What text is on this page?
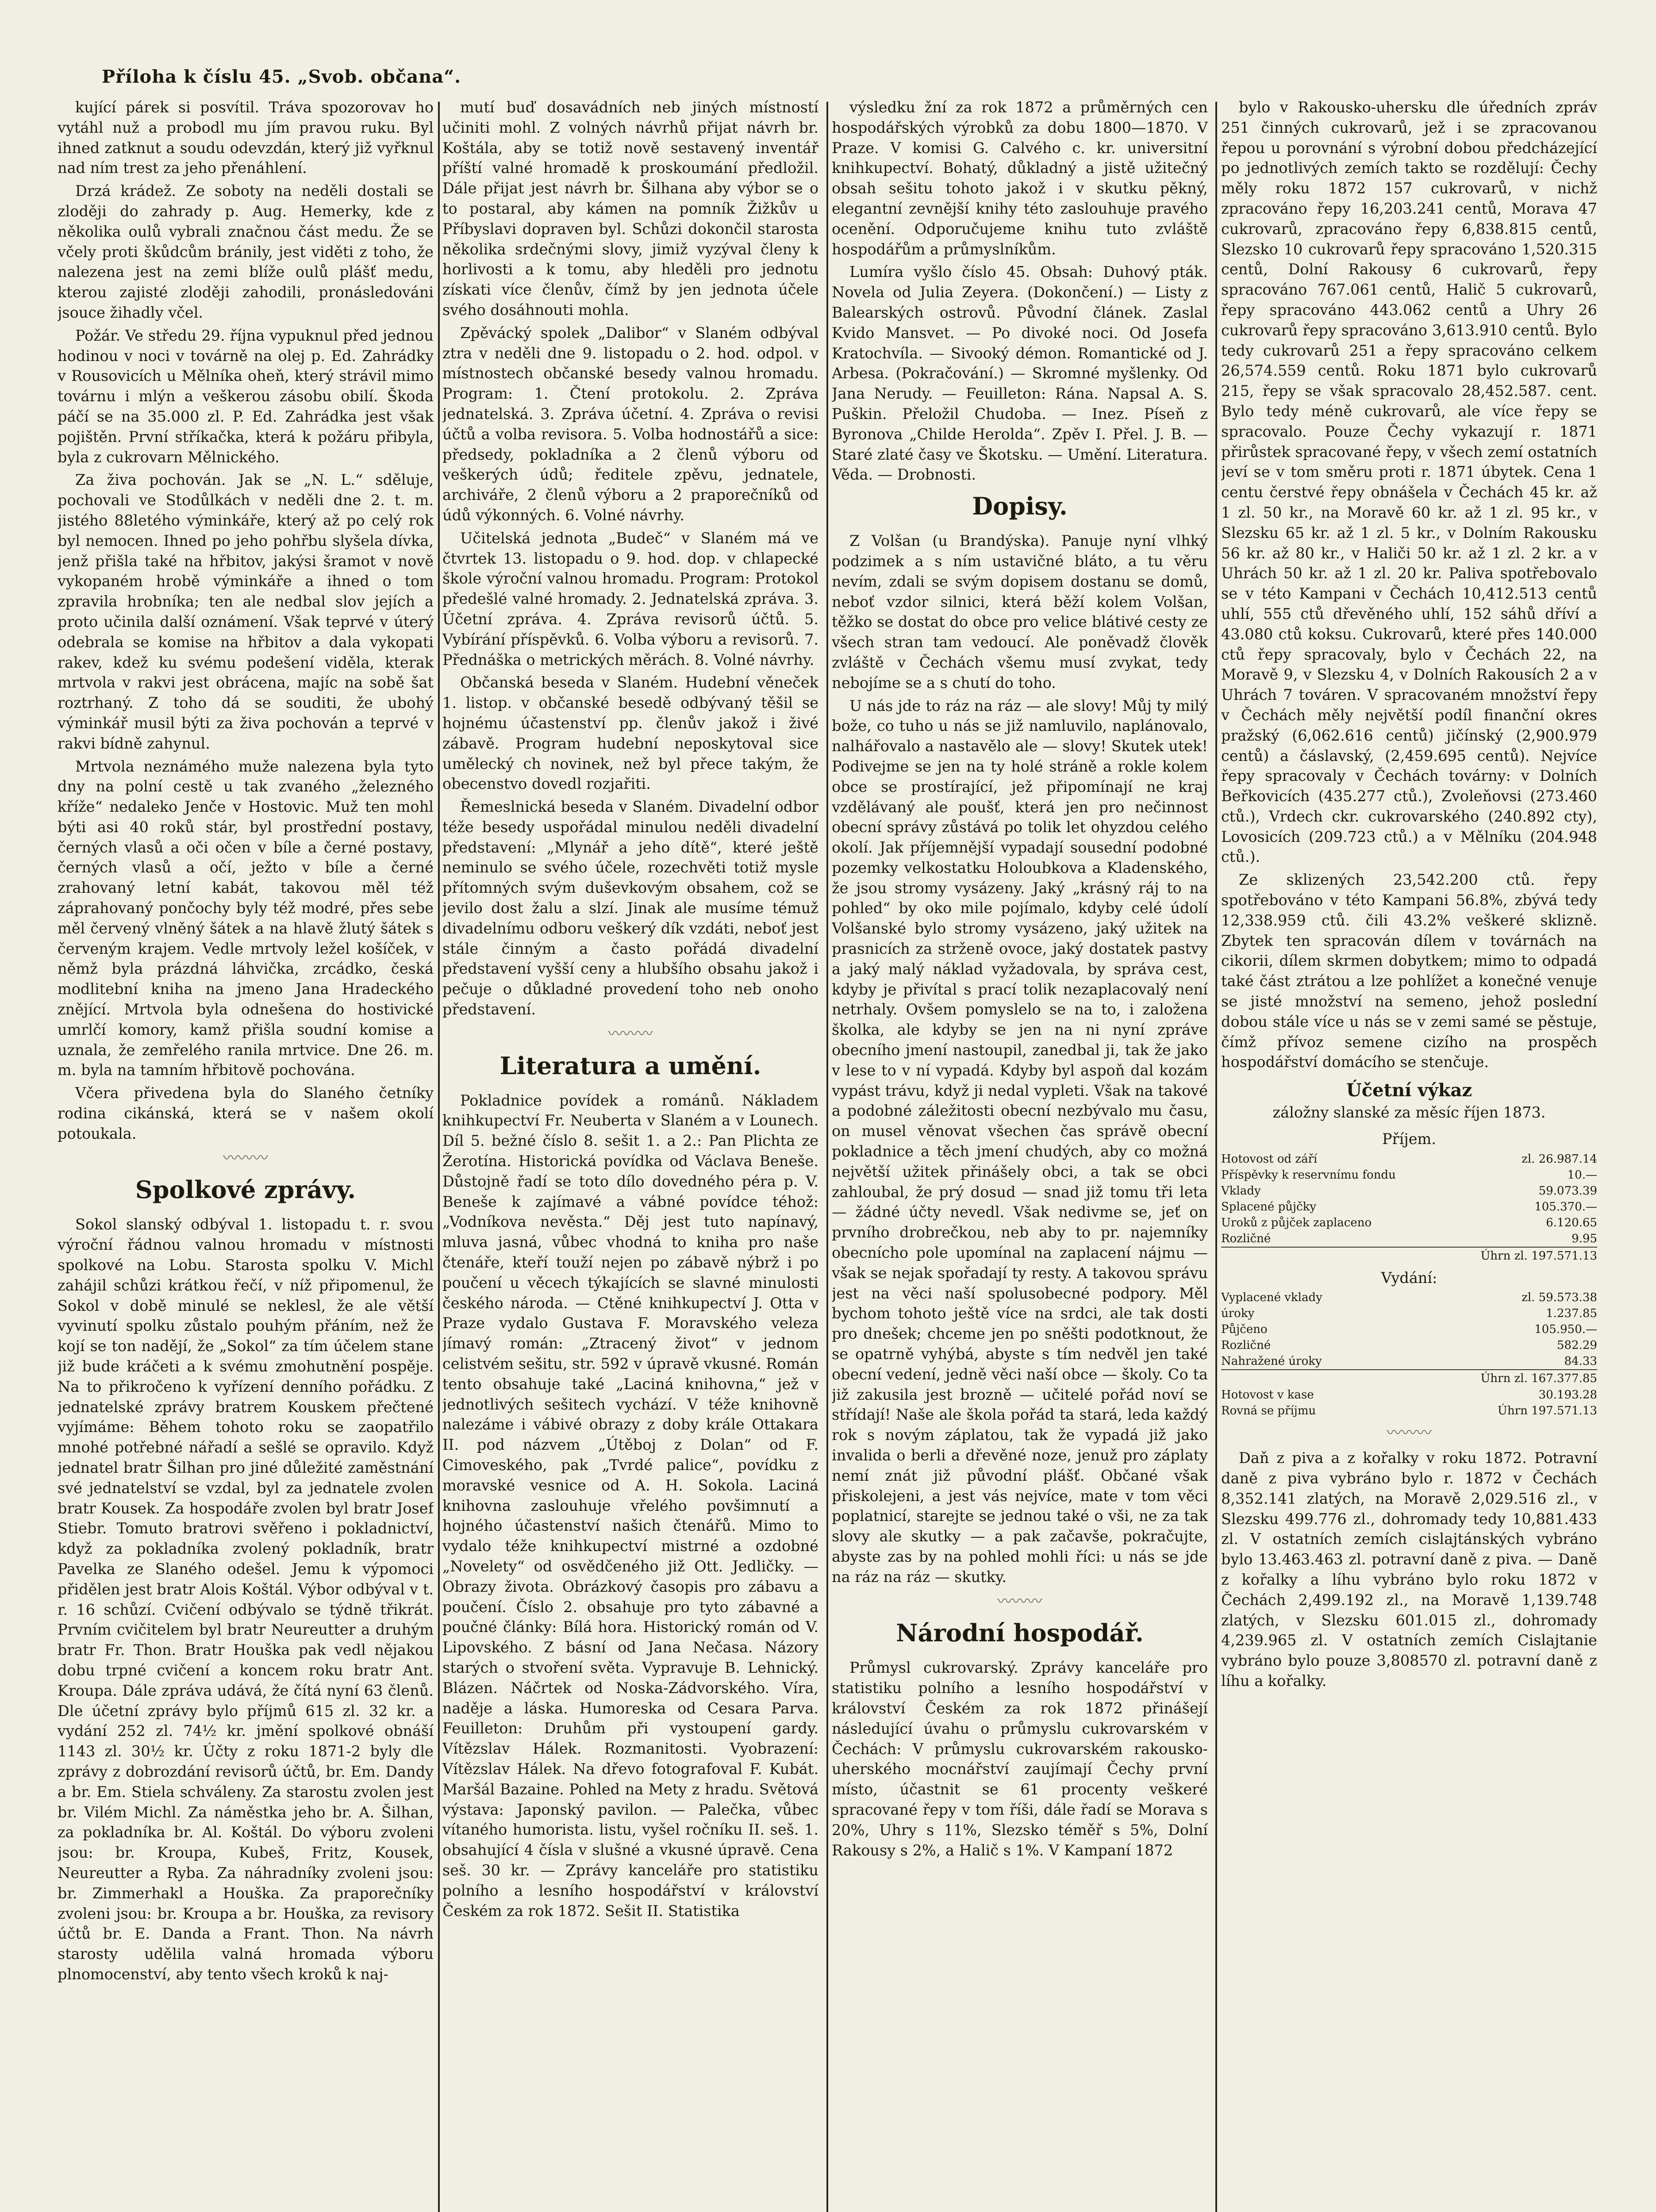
Příloha k číslu 45. „Svob. občana“.

kující párek si posvítil. Tráva spozorovav ho vytáhl nuž a probodl mu jím pravou ruku. Byl ihned zatknut a soudu odevzdán, který již vyřknul nad ním trest za jeho přenáhlení.

Drzá krádež. Ze soboty na neděli dostali se zloději do zahrady p. Aug. Hemerky, kde z několika oulů vybrali značnou část medu. Že se včely proti škůdcům bránily, jest viděti z toho, že nalezena jest na zemi blíže oulů plášť medu, kterou zajisté zloději zahodili, pronásledováni jsouce žihadly včel.

Požár. Ve středu 29. října vypuknul před jednou hodinou v noci v továrně na olej p. Ed. Zahrádky v Rousovicích u Mělníka oheň, který strávil mimo továrnu i mlýn a veškerou zásobu obilí. Škoda páčí se na 35.000 zl. P. Ed. Zahrádka jest však pojištěn. První stříkačka, která k požáru přibyla, byla z cukrovarn Mělnického.

Za živa pochován. Jak se „N. L.“ sděluje, pochovali ve Stodůlkách v neděli dne 2. t. m. jistého 88letého výminkáře, který až po celý rok byl nemocen. Ihned po jeho pohřbu slyšela dívka, jenž přišla také na hřbitov, jakýsi šramot v nově vykopaném hrobě výminkáře a ihned o tom zpravila hrobníka; ten ale nedbal slov jejích a proto učinila další oznámení. Však teprvé v úterý odebrala se komise na hřbitov a dala vykopati rakev, kdež ku svému podešení viděla, kterak mrtvola v rakvi jest obrácena, majíc na sobě šat roztrhaný. Z toho dá se souditi, že ubohý výminkář musil býti za živa pochován a teprvé v rakvi bídně zahynul.

Mrtvola neznámého muže nalezena byla tyto dny na polní cestě u tak zvaného „železného kříže“ nedaleko Jenče v Hostovic. Muž ten mohl býti asi 40 roků stár, byl prostřední postavy, černých vlasů a oči očen v bíle a černé postavy, černých vlasů a očí, ježto v bíle a černé zrahovaný letní kabát, takovou měl též záprahovaný pončochy byly též modré, přes sebe měl červený vlněný šátek a na hlavě žlutý šátek s červeným krajem. Vedle mrtvoly ležel košíček, v němž byla prázdná láhvička, zrcádko, česká modlitební kniha na jmeno Jana Hradeckého znějící. Mrtvola byla odnešena do hostivické umrlčí komory, kamž přišla soudní komise a uznala, že zemřelého ranila mrtvice. Dne 26. m. m. byla na tamním hřbitově pochována.

Včera přivedena byla do Slaného četníky rodina cikánská, která se v našem okolí potoukala.

〰〰〰
Spolkové zprávy.

Sokol slanský odbýval 1. listopadu t. r. svou výroční řádnou valnou hromadu v místnosti spolkové na Lobu. Starosta spolku V. Michl zahájil schůzi krátkou řečí, v níž připomenul, že Sokol v době minulé se neklesl, že ale větší vyvinutí spolku zůstalo pouhým přáním, než že kojí se ton nadějí, že „Sokol“ za tím účelem stane již bude kráčeti a k svému zmohutnění pospěje. Na to přikročeno k vyřízení denního pořádku. Z jednatelské zprávy bratrem Kouskem přečtené vyjímáme: Během tohoto roku se zaopatřilo mnohé potřebné nářadí a sešlé se opravilo. Když jednatel bratr Šilhan pro jiné důležité zaměstnání své jednatelství se vzdal, byl za jednatele zvolen bratr Kousek. Za hospodáře zvolen byl bratr Josef Stiebr. Tomuto bratrovi svěřeno i pokladnictví, když za pokladníka zvolený pokladník, bratr Pavelka ze Slaného odešel. Jemu k výpomoci přidělen jest bratr Alois Koštál. Výbor odbýval v t. r. 16 schůzí. Cvičení odbývalo se týdně třikrát. Prvním cvičitelem byl bratr Neureutter a druhým bratr Fr. Thon. Bratr Houška pak vedl nějakou dobu trpné cvičení a koncem roku bratr Ant. Kroupa. Dále zpráva udává, že čítá nyní 63 členů. Dle účetní zprávy bylo příjmů 615 zl. 32 kr. a vydání 252 zl. 74½ kr. jmění spolkové obnáší 1143 zl. 30½ kr. Účty z roku 1871-2 byly dle zprávy z dobrozdání revisorů účtů, br. Em. Dandy a br. Em. Stiela schváleny. Za starostu zvolen jest br. Vilém Michl. Za náměstka jeho br. A. Šilhan, za pokladníka br. Al. Koštál. Do výboru zvoleni jsou: br. Kroupa, Kubeš, Fritz, Kousek, Neureutter a Ryba. Za náhradníky zvoleni jsou: br. Zimmerhakl a Houška. Za praporečníky zvoleni jsou: br. Kroupa a br. Houška, za revisory účtů br. E. Danda a Frant. Thon. Na návrh starosty udělila valná hromada výboru plnomocenství, aby tento všech kroků k naj-

mutí buď dosavádních neb jiných místností učiniti mohl. Z volných návrhů přijat návrh br. Koštála, aby se totiž nově sestavený inventář příští valné hromadě k proskoumání předložil. Dále přijat jest návrh br. Šilhana aby výbor se o to postaral, aby kámen na pomník Žižkův u Příbyslavi dopraven byl. Schůzi dokončil starosta několika srdečnými slovy, jimiž vyzýval členy k horlivosti a k tomu, aby hleděli pro jednotu získati více členův, čímž by jen jednota účele svého dosáhnouti mohla.

Zpěvácký spolek „Dalibor“ v Slaném odbýval ztra v neděli dne 9. listopadu o 2. hod. odpol. v místnostech občanské besedy valnou hromadu. Program: 1. Čtení protokolu. 2. Zpráva jednatelská. 3. Zpráva účetní. 4. Zpráva o revisi účtů a volba revisora. 5. Volba hodnostářů a sice: předsedy, pokladníka a 2 členů výboru od veškerých údů; ředitele zpěvu, jednatele, archiváře, 2 členů výboru a 2 praporečníků od údů výkonných. 6. Volné návrhy.

Učitelská jednota „Budeč“ v Slaném má ve čtvrtek 13. listopadu o 9. hod. dop. v chlapecké škole výroční valnou hromadu. Program: Protokol předešlé valné hromady. 2. Jednatelská zpráva. 3. Účetní zpráva. 4. Zpráva revisorů účtů. 5. Vybírání příspěvků. 6. Volba výboru a revisorů. 7. Přednáška o metrických měrách. 8. Volné návrhy.

Občanská beseda v Slaném. Hudební věneček 1. listop. v občanské besedě odbývaný těšil se hojnému účastenství pp. členův jakož i živé zábavě. Program hudební neposkytoval sice umělecký ch novinek, než byl přece takým, že obecenstvo dovedl rozjařiti.

Řemeslnická beseda v Slaném. Divadelní odbor téže besedy uspořádal minulou neděli divadelní představení: „Mlynář a jeho dítě“, které ještě neminulo se svého účele, rozechvěti totiž mysle přítomných svým duševkovým obsahem, což se jevilo dost žalu a slzí. Jinak ale musíme témuž divadelnímu odboru veškerý dík vzdáti, neboť jest stále činným a často pořádá divadelní představení vyšší ceny a hlubšího obsahu jakož i pečuje o důkladné provedení toho neb onoho představení.

〰〰〰
Literatura a umění.

Pokladnice povídek a románů. Nákladem knihkupectví Fr. Neuberta v Slaném a v Lounech. Díl 5. bežné číslo 8. sešit 1. a 2.: Pan Plichta ze Žerotína. Historická povídka od Václava Beneše. Důstojně řadí se toto dílo dovedného péra p. V. Beneše k zajímavé a vábné povídce téhož: „Vodníkova nevěsta.“ Děj jest tuto napínavý, mluva jasná, vůbec vhodná to kniha pro naše čtenáře, kteří touží nejen po zábavě nýbrž i po poučení u věcech týkajících se slavné minulosti českého národa. — Ctěné knihkupectví J. Otta v Praze vydalo Gustava F. Moravského veleza jímavý román: „Ztracený život“ v jednom celistvém sešitu, str. 592 v úpravě vkusné. Román tento obsahuje také „Laciná knihovna,“ jež v jednotlivých sešitech vychází. V téže knihovně nalezáme i vábivé obrazy z doby krále Ottakara II. pod názvem „Útěboj z Dolan“ od F. Cimoveského, pak „Tvrdé palice“, povídku z moravské vesnice od A. H. Sokola. Laciná knihovna zaslouhuje vřelého povšimnutí a hojného účastenství našich čtenářů. Mimo to vydalo téže knihkupectví mistrné a ozdobné „Novelety“ od osvědčeného již Ott. Jedličky. — Obrazy života. Obrázkový časopis pro zábavu a poučení. Číslo 2. obsahuje pro tyto zábavné a poučné články: Bílá hora. Historický román od V. Lipovského. Z básní od Jana Nečasa. Názory starých o stvoření světa. Vypravuje B. Lehnický. Blázen. Náčrtek od Noska-Zádvorského. Víra, naděje a láska. Humoreska od Cesara Parva. Feuilleton: Druhům při vystoupení gardy. Vítězslav Hálek. Rozmanitosti. Vyobrazení: Vítězslav Hálek. Na dřevo fotografoval F. Kubát. Maršál Bazaine. Pohled na Mety z hradu. Světová výstava: Japonský pavilon. — Palečka, vůbec vítaného humorista. listu, vyšel ročníku II. seš. 1. obsahující 4 čísla v slušné a vkusné úpravě. Cena seš. 30 kr. — Zprávy kanceláře pro statistiku polního a lesního hospodářství v království Českém za rok 1872. Sešit II. Statistika

výsledku žní za rok 1872 a průměrných cen hospodářských výrobků za dobu 1800—1870. V Praze. V komisi G. Calvého c. kr. universitní knihkupectví. Bohatý, důkladný a jistě užitečný obsah sešitu tohoto jakož i v skutku pěkný, elegantní zevnější knihy této zaslouhuje pravého ocenění. Odporučujeme knihu tuto zvláště hospodářům a průmyslníkům.

Lumíra vyšlo číslo 45. Obsah: Duhový pták. Novela od Julia Zeyera. (Dokončení.) — Listy z Balearských ostrovů. Původní článek. Zaslal Kvido Mansvet. — Po divoké noci. Od Josefa Kratochvíla. — Sivooký démon. Romantické od J. Arbesa. (Pokračování.) — Skromné myšlenky. Od Jana Nerudy. — Feuilleton: Rána. Napsal A. S. Puškin. Přeložil Chudoba. — Inez. Píseň z Byronova „Childe Herolda“. Zpěv I. Přel. J. B. — Staré zlaté časy ve Škotsku. — Umění. Literatura. Věda. — Drobnosti.

Dopisy.

Z Volšan (u Brandýska). Panuje nyní vlhký podzimek a s ním ustavičné bláto, a tu věru nevím, zdali se svým dopisem dostanu se domů, neboť vzdor silnici, která běží kolem Volšan, těžko se dostat do obce pro velice blátivé cesty ze všech stran tam vedoucí. Ale poněvadž člověk zvláště v Čechách všemu musí zvykat, tedy nebojíme se a s chutí do toho.

U nás jde to ráz na ráz — ale slovy! Můj ty milý bože, co tuho u nás se již namluvilo, naplánovalo, nalhářovalo a nastavělo ale — slovy! Skutek utek! Podivejme se jen na ty holé stráně a rokle kolem obce se prostírající, jež připomínají ne kraj vzdělávaný ale poušť, která jen pro nečinnost obecní správy zůstává po tolik let ohyzdou celého okolí. Jak příjemnější vypadají sousední podobné pozemky velkostatku Holoubkova a Kladenského, že jsou stromy vysázeny. Jaký „krásný ráj to na pohled“ by oko mile pojímalo, kdyby celé údolí Volšanské bylo stromy vysázeno, jaký užitek na prasnicích za strženě ovoce, jaký dostatek pastvy a jaký malý náklad vyžadovala, by správa cest, kdyby je přivítal s prací tolik nezaplacovalý není netrhaly. Ovšem pomyslelo se na to, i založena školka, ale kdyby se jen na ni nyní zpráve obecního jmení nastoupil, zanedbal ji, tak že jako v lese to v ní vypadá. Kdyby byl aspoň dal kozám vypást trávu, když ji nedal vypleti. Však na takové a podobné záležitosti obecní nezbývalo mu času, on musel věnovat všechen čas správě obecní pokladnice a těch jmení chudých, aby co možná největší užitek přinášely obci, a tak se obci zahloubal, že prý dosud — snad již tomu tři leta — žádné účty nevedl. Však nedivme se, jeť on prvního drobrečkou, neb aby to pr. najemníky obecnícho pole upomínal na zaplacení nájmu — však se nejak spořadají ty resty. A takovou správu jest na věci naší spolusobecné podpory. Měl bychom tohoto ještě více na srdci, ale tak dosti pro dnešek; chceme jen po sněšti podotknout, že se opatrně vyhýbá, abyste s tím nedvěl jen také obecní vedení, jedně věci naší obce — školy. Co ta již zakusila jest brozně — učitelé pořád noví se střídají! Naše ale škola pořád ta stará, leda každý rok s novým záplatou, tak že vypadá již jako invalida o berli a dřevěné noze, jenuž pro záplaty nemí znát již původní plášť. Občané však přiskolejeni, a jest vás nejvíce, mate v tom věci poplatnicí, starejte se jednou také o vši, ne za tak slovy ale skutky — a pak začavše, pokračujte, abyste zas by na pohled mohli říci: u nás se jde na ráz na ráz — skutky.

〰〰〰
Národní hospodář.

Průmysl cukrovarský. Zprávy kanceláře pro statistiku polního a lesního hospodářství v království Českém za rok 1872 přinášejí následující úvahu o průmyslu cukrovarském v Čechách: V průmyslu cukrovarském rakousko-uherského mocnářství zaujímají Čechy první místo, účastnit se 61 procenty veškeré spracované řepy v tom říši, dále řadí se Morava s 20%, Uhry s 11%, Slezsko téměř s 5%, Dolní Rakousy s 2%, a Halič s 1%. V Kampaní 1872

bylo v Rakousko-uhersku dle úředních zpráv 251 činných cukrovarů, jež i se zpracovanou řepou u porovnání s výrobní dobou předcházející po jednotlivých zemích takto se rozdělují: Čechy měly roku 1872 157 cukrovarů, v nichž zpracováno řepy 16,203.241 centů, Morava 47 cukrovarů, zpracováno řepy 6,838.815 centů, Slezsko 10 cukrovarů řepy spracováno 1,520.315 centů, Dolní Rakousy 6 cukrovarů, řepy spracováno 767.061 centů, Halič 5 cukrovarů, řepy spracováno 443.062 centů a Uhry 26 cukrovarů řepy spracováno 3,613.910 centů. Bylo tedy cukrovarů 251 a řepy spracováno celkem 26,574.559 centů. Roku 1871 bylo cukrovarů 215, řepy se však spracovalo 28,452.587. cent. Bylo tedy méně cukrovarů, ale více řepy se spracovalo. Pouze Čechy vykazují r. 1871 přirůstek spracované řepy, v všech zemí ostatních jeví se v tom směru proti r. 1871 úbytek. Cena 1 centu čerstvé řepy obnášela v Čechách 45 kr. až 1 zl. 50 kr., na Moravě 60 kr. až 1 zl. 95 kr., v Slezsku 65 kr. až 1 zl. 5 kr., v Dolním Rakousku 56 kr. až 80 kr., v Haliči 50 kr. až 1 zl. 2 kr. a v Uhrách 50 kr. až 1 zl. 20 kr. Paliva spotřebovalo se v této Kampani v Čechách 10,412.513 centů uhlí, 555 ctů dřevěného uhlí, 152 sáhů dříví a 43.080 ctů koksu. Cukrovarů, které přes 140.000 ctů řepy spracovaly, bylo v Čechách 22, na Moravě 9, v Slezsku 4, v Dolních Rakousích 2 a v Uhrách 7 továren. V spracovaném množství řepy v Čechách měly největší podíl finanční okres pražský (6,062.616 centů) jičínský (2,900.979 centů) a čáslavský, (2,459.695 centů). Nejvíce řepy spracovaly v Čechách továrny: v Dolních Beřkovicích (435.277 ctů.), Zvoleňovsi (273.460 ctů.), Vrdech ckr. cukrovarského (240.892 cty), Lovosicích (209.723 ctů.) a v Mělníku (204.948 ctů.).

Ze sklizených 23,542.200 ctů. řepy spotřebováno v této Kampani 56.8%, zbývá tedy 12,338.959 ctů. čili 43.2% veškeré sklizně. Zbytek ten spracován dílem v továrnách na cikorii, dílem skrmen dobytkem; mimo to odpadá také část ztrátou a lze pohlížet a konečné venuje se jisté množství na semeno, jehož poslední dobou stále více u nás se v zemi samé se pěstuje, čímž přívoz semene cizího na prospěch hospodářství domácího se stenčuje.

Účetní výkaz
záložny slanské za měsíc říjen 1873.
Příjem.
Hotovost od září	zl. 26.987.14
Příspěvky k reservnímu fondu	10.—
Vklady	59.073.39
Splacené půjčky	105.370.—
Uroků z půjček zaplaceno	6.120.65
Rozličné	9.95
Úhrn zl. 197.571.13
Vydání:
Vyplacené vklady	zl. 59.573.38
úroky	1.237.85
Půjčeno	105.950.—
Rozličné	582.29
Nahražené úroky	84.33
Úhrn zl. 167.377.85
Hotovost v kase	30.193.28
Rovná se příjmu	Úhrn 197.571.13
〰〰〰

Daň z piva a z kořalky v roku 1872. Potravní daně z piva vybráno bylo r. 1872 v Čechách 8,352.141 zlatých, na Moravě 2,029.516 zl., v Slezsku 499.776 zl., dohromady tedy 10,881.433 zl. V ostatních zemích cislajtánských vybráno bylo 13.463.463 zl. potravní daně z piva. — Daně z kořalky a líhu vybráno bylo roku 1872 v Čechách 2,499.192 zl., na Moravě 1,139.748 zlatých, v Slezsku 601.015 zl., dohromady 4,239.965 zl. V ostatních zemích Cislajtanie vybráno bylo pouze 3,808570 zl. potravní daně z líhu a kořalky.
